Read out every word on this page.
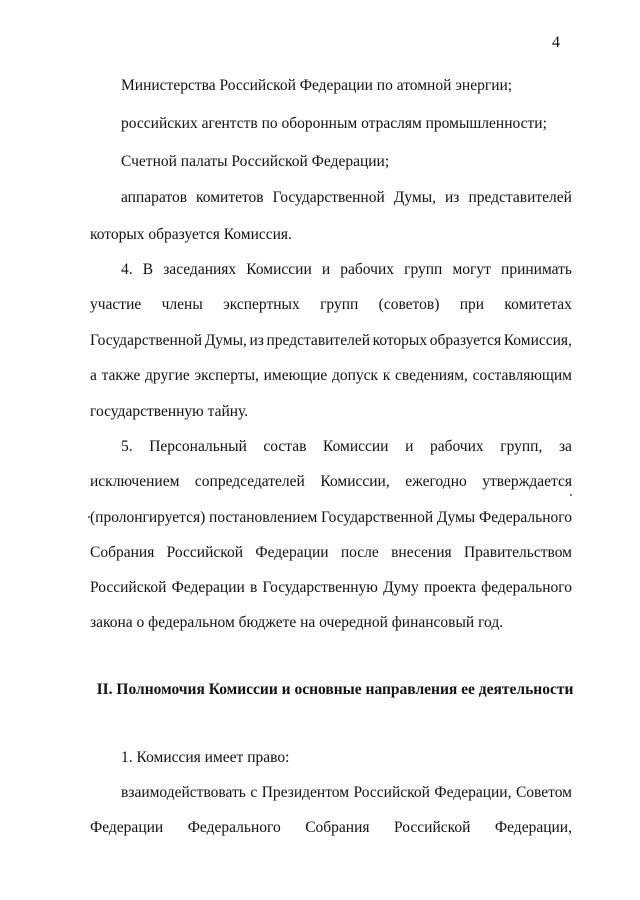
4
Министерства Российской Федерации по атомной энергии;
российских агентств по оборонным отраслям промышленности;
Счетной палаты Российской Федерации;
аппаратов комитетов Государственной Думы, из представителей
которых образуется Комиссия.
4. В заседаниях Комиссии и рабочих групп могут принимать
участие члены экспертных групп (советов) при комитетах
Государственной Думы, из представителей которых образуется Комиссия,
а также другие эксперты, имеющие допуск к сведениям, составляющим
государственную тайну.
5. Персональный состав Комиссии и рабочих групп, за
исключением сопредседателей Комиссии, ежегодно утверждается
(пролонгируется) постановлением Государственной Думы Федерального
Собрания Российской Федерации после внесения Правительством
Российской Федерации в Государственную Думу проекта федерального
закона о федеральном бюджете на очередной финансовый год.
II. Полномочия Комиссии и основные направления ее деятельности
1. Комиссия имеет право:
взаимодействовать с Президентом Российской Федерации, Советом
Федерации Федерального Собрания Российской Федерации,
